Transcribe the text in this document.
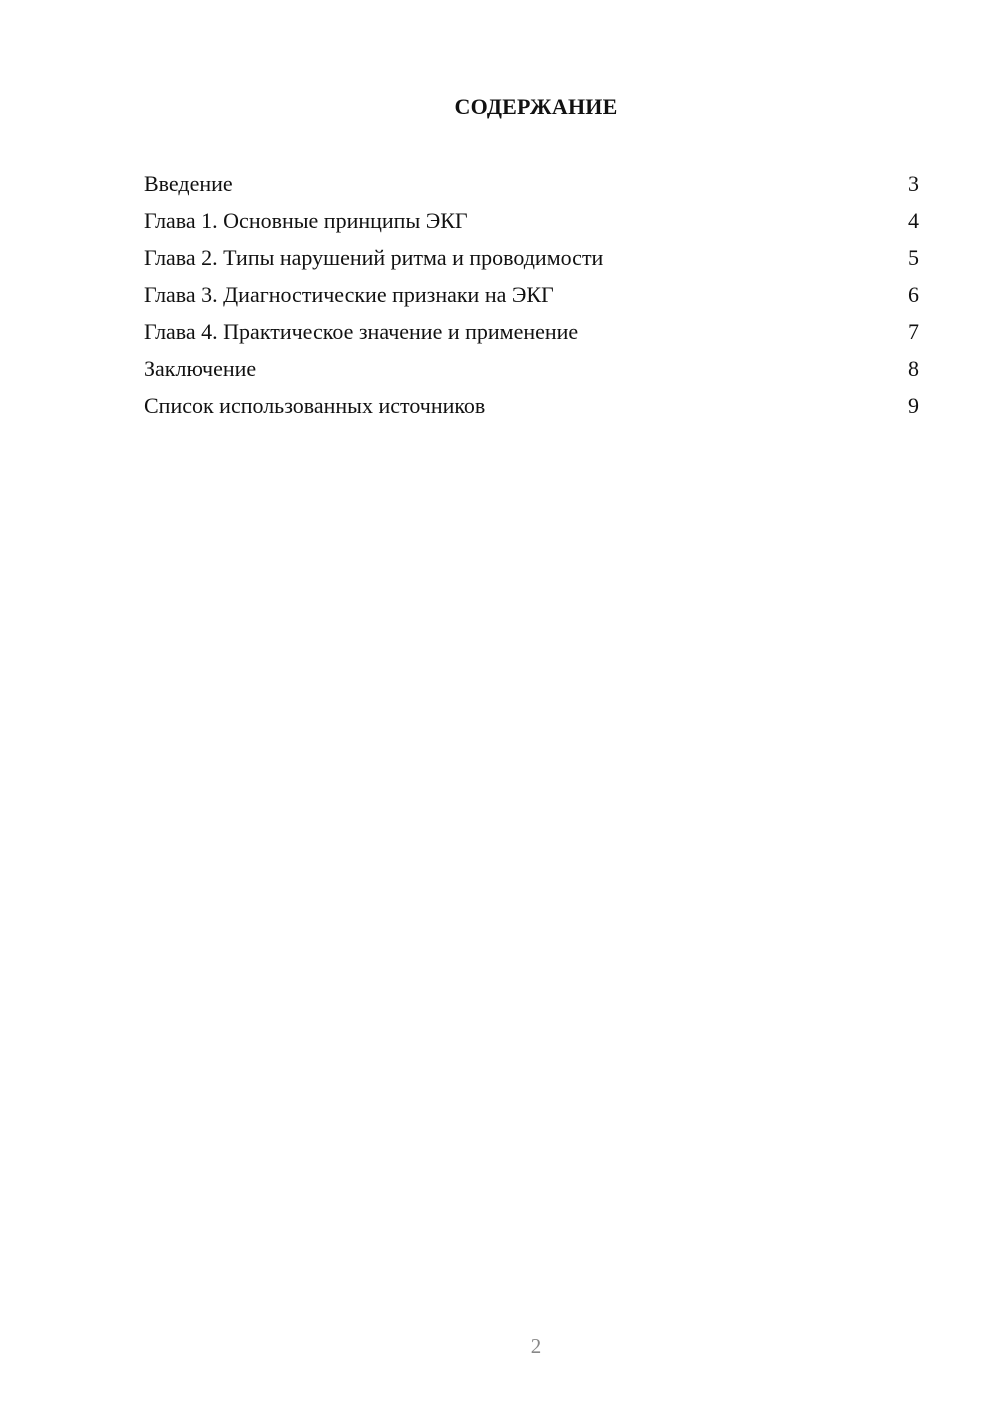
СОДЕРЖАНИЕ
Введение	3
Глава 1. Основные принципы ЭКГ	4
Глава 2. Типы нарушений ритма и проводимости	5
Глава 3. Диагностические признаки на ЭКГ	6
Глава 4. Практическое значение и применение	7
Заключение	8
Список использованных источников	9
2
